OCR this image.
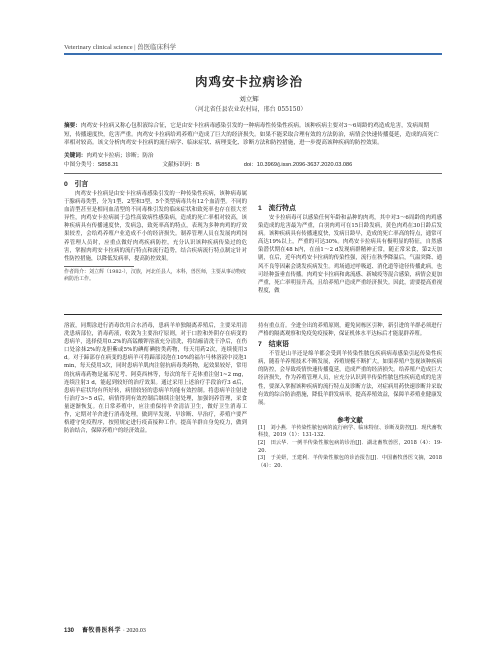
Veterinary clinical science | 兽医临床科学
肉鸡安卡拉病诊治
刘立辉
（河北省任县农业农村局，邢台 055150）
摘要：肉鸡安卡拉病又称心包积液综合征，它是由安卡拉病毒感染引发的一种病毒性传染性疾病。该种疾病主要对3～6周龄的鸡造成危害，发病周期短，传播速度快，危害严重。肉鸡安卡拉病给鸡养殖户造成了巨大的经济损失。如果不能采取合理有效的方法防治，病情会快速传播蔓延，造成的高死亡率相对较高。该文分析肉鸡安卡拉病的流行病学、临床症状、病理变化、诊断方法和防控措施，进一步提高该种疾病的防控效果。
关键词：肉鸡安卡拉病；诊断；防治
中图分类号：S858.31	文献标识码：B	doi：10.3969/j.issn.2096-3637.2020.03.086
0　引言
肉鸡安卡拉病是由安卡拉病毒感染引发的一种传染性疾病，该种病毒属于腺病毒类型，分为1型、2型和3型，5个类型病毒共有12个血清型。不同的血清型甚至是相同血清型的不同毒株引发的临床症状和致死率也存在很大差异性，肉鸡安卡拉病属于急性高致病性感染病，造成的死亡率相对较高，该种疾病具有传播速度快，发病急，致死率高的特点，表现为多种肉鸡的疗效果较差，会给鸡养殖户业造成不小的经济损失。制养管理人员在发展肉鸡饲养管理人员时，应重点做好肉鸡疾病防控，充分认识该种疾病传染过的危害，掌握肉鸡安卡拉病的流行特点和流行趋势，结合疾病流行特点制定针对性防控措施，以降低发病率，提高防控效果。
作者简介：刘立辉（1982-），汉族，河北任县人，本科，兽医师，主要从事动物疫病防治工作。
1　流行特点
安卡拉病毒可以感染任何年龄和品种的肉鸡，其中对3～6周龄的肉鸡感染造成的危害最为严重，白羽肉鸡可在15日龄发病，黄色肉鸡在30日龄后发病。该种疾病具有传播速度快，发病日龄早，造成的死亡率高的特点，通常可高达19%以上，严重的可达30%。肉鸡安卡拉病具有极明显的特征，自然感染潜伏期在48 h内，在前1～2 d发现病群精神正常，随正常采食，第2天加剧，在后，近年肉鸡安卡拉病的传染性强，流行在秋季降温后，气温突降、通风不良等因素会诱发疾病发生。鸡场通过呼吸道、消化道等途径传播此病，也可经种蛋垂直传播。肉鸡安卡拉病和禽流感、新城疫等混合感染，病情会更加严重，死亡率明显升高，且给养殖户造成严重经济损失。因此，需要提高重视程度，做
溶液，同期涂进行消毒饮用合水消毒，患病羊单独隔离养殖后，主要采用清洗患病部位，消毒药液，收敛为主要治疗原则，对于口腔和外阴存在病变的患病羊，选择使用0.2%的高锰酸钾溶液充分清洗，将结痂清洗干净后，在伤口处涂抹2%的龙胆紫或5%的碘酊碘胺类药物，每天用药2次，连续使用3 d。对于蹄部存在病变的患病羊可将蹄部浸泡在10%的福尔马林溶液中浸泡1 min，每天使用3次，同时患病羊肌肉注射抗病毒类药物，起效果较好，常用的抗病毒药物是氟苯尼考、阿莫西林等，每次的每千克体重注射1~2 mg，连续注射3 d，能起到较好的治疗效果。通过采用上述治疗手段治疗3 d后，患病羊症状均有所好转，病情较轻的患病羊均能有效控制。将患病羊注射进行治疗3~5 d后，病情得到有效控制后继续注射处理，加强饲养管理，采食量逐渐恢复。在日常养殖中，应注重保持羊舍清洁卫生，做好卫生消毒工作，定期对羊舍进行消毒处理，做到早发现、早诊断、早治疗，养殖户要严格遵守免疫程序，按照规定进行疫苗接种工作。提高羊群自身免疫力，做到防治结合，保障养殖户的经济效益。
持有重点育。全进全出的养殖原则，避免同栋区引种，新引进的羊群必须进行严格的隔离观察和免疫免疫接种，保证机体水平达标后才能混群养殖。
7　结束语
不管是山羊还是绵羊都会受到羊传染性脓包疾病病毒感染引起传染性疾病，随着羊养殖技术不断发展，养殖规模不断扩大，如果养殖户忽视该种疾病的防控，会导致疫情快速传播蔓延，造成严重的经济损失。给养殖户造成巨大经济损失，作为养殖管理人员，应充分认识到羊传染性脓包性疾病造成的危害性，要深入掌握该种疾病的流行特点及诊断方法，对症病用药快速诊断并采取有效的综合防治措施，降低羊群发病率，提高养殖效益，保障羊养殖业健康发展。
参考文献
[1]　刘小燕．羊传染性脓包病的流行病学、临床特征、诊断及防控[J]．现代畜牧科技，2019（1）：131-132.
[2]　田云华．一例羊传染性脓包病的诊治[J]．湖北畜牧兽医，2018（4）：19-20.
[3]　于美妍，王建利．羊传染性脓包的诊治报告[J]．中国畜牧兽医文摘，2018（4）：20.
130 畜牧兽医科学 · 2020.03
